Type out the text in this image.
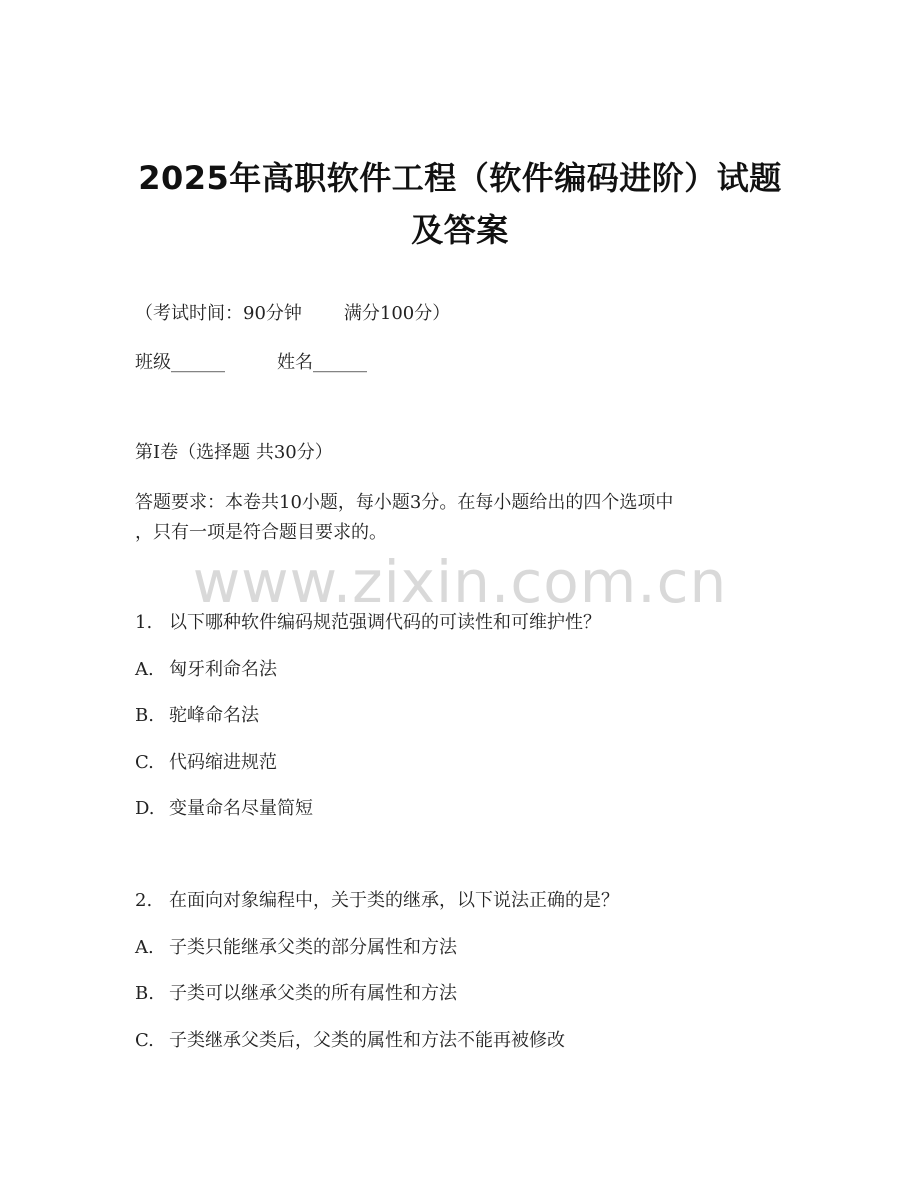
2025年高职软件工程（软件编码进阶）试题
及答案
（考试时间：90分钟 满分100分）
班级______	姓名______
第I卷（选择题 共30分）
答题要求：本卷共10小题，每小题3分。在每小题给出的四个选项中
，只有一项是符合题目要求的。
www.zixin.com.cn
1. 以下哪种软件编码规范强调代码的可读性和可维护性？
A. 匈牙利命名法
B. 驼峰命名法
C. 代码缩进规范
D. 变量命名尽量简短
2. 在面向对象编程中，关于类的继承，以下说法正确的是？
A. 子类只能继承父类的部分属性和方法
B. 子类可以继承父类的所有属性和方法
C. 子类继承父类后，父类的属性和方法不能再被修改
